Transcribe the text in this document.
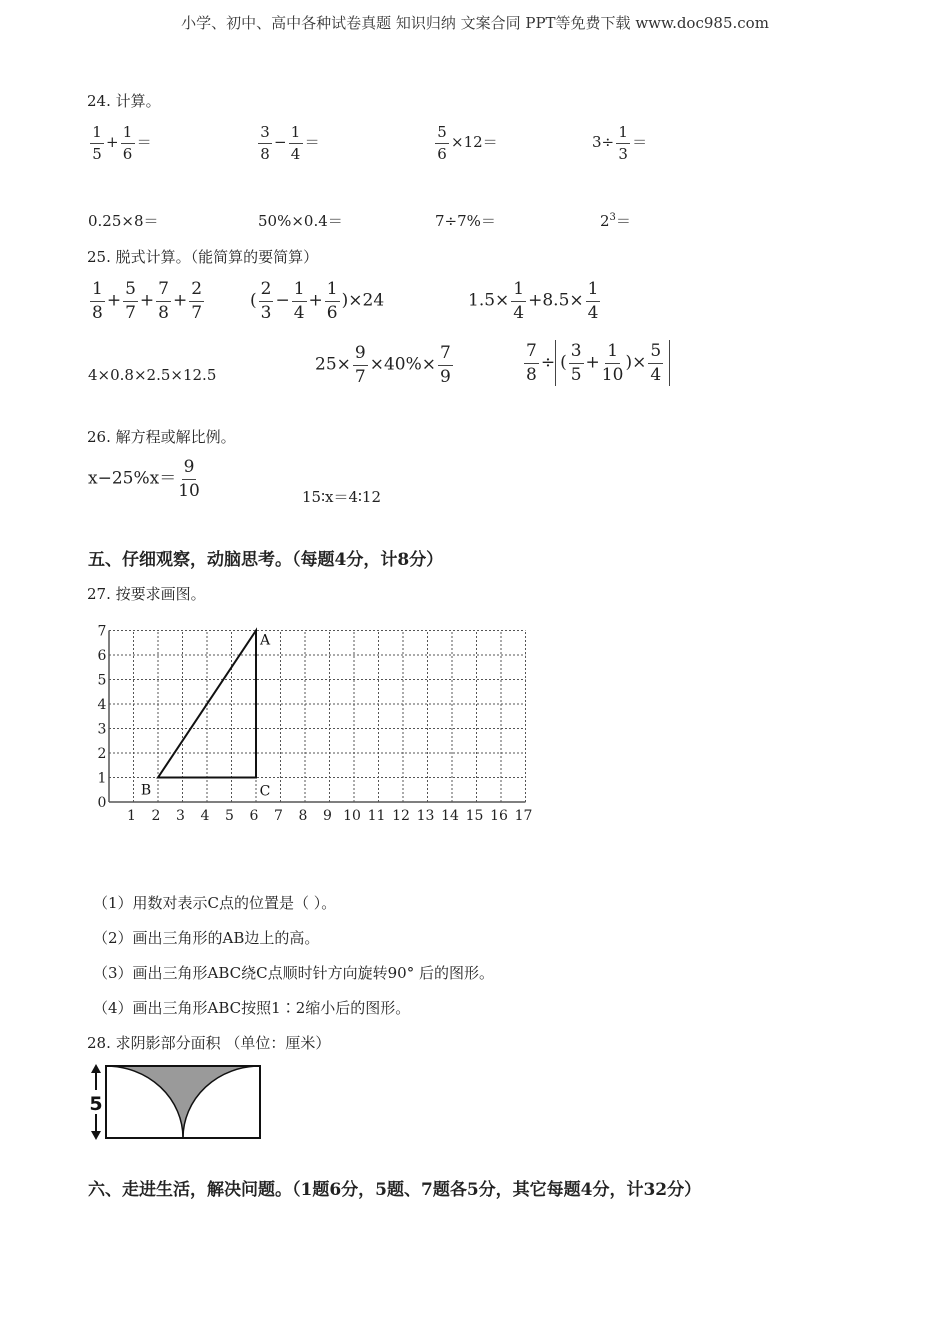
小学、初中、高中各种试卷真题 知识归纳 文案合同 PPT等免费下载 www.doc985.com
24. 计算。
$\frac{1}{5} + \frac{1}{6}$ ＝	$\frac{3}{8} - \frac{1}{4}$ ＝	$\frac{5}{6} \times 12=$	$3\div \frac{1}{3}$ ＝
0.25×8＝	50%×0.4＝	7÷7%＝	$2^3=$
25. 脱式计算。（能简算的要简算）
$\frac{1}{8} + \frac{5}{7} + \frac{7}{8} + \frac{2}{7}$	( $\frac{2}{3} - \frac{1}{4} + \frac{1}{6} )\times 24$	$1.5\times \frac{1}{4} +8.5\times \frac{1}{4}$
4×0.8×2.5×12.5
$25\times \frac{9}{7} \times 40\%\times \frac{7}{9}$	$\frac{7}{8}$ ÷ ( $\frac{3}{5} + \frac{1}{10}$ )× $\frac{5}{4}$
26. 解方程或解比例。
$x-25\%x= \frac{9}{10}$	15∶x＝4∶12
五、仔细观察，动脑思考。（每题4分，计8分）
27. 按要求画图。
1 2 3 4 5 6 7 8 9 10 11 12 13 14 15 16 17
0
1
2
3
4
5
6
7
A
B	C
（1）用数对表示C点的位置是（ ）。
（2）画出三角形的AB边上的高。
（3）画出三角形ABC绕C点顺时针方向旋转90° 后的图形。
（4）画出三角形ABC按照1∶2缩小后的图形。
28. 求阴影部分面积 （单位：厘米）
5
六、走进生活，解决问题。（1题6分，5题、7题各5分，其它每题4分，计32分）
